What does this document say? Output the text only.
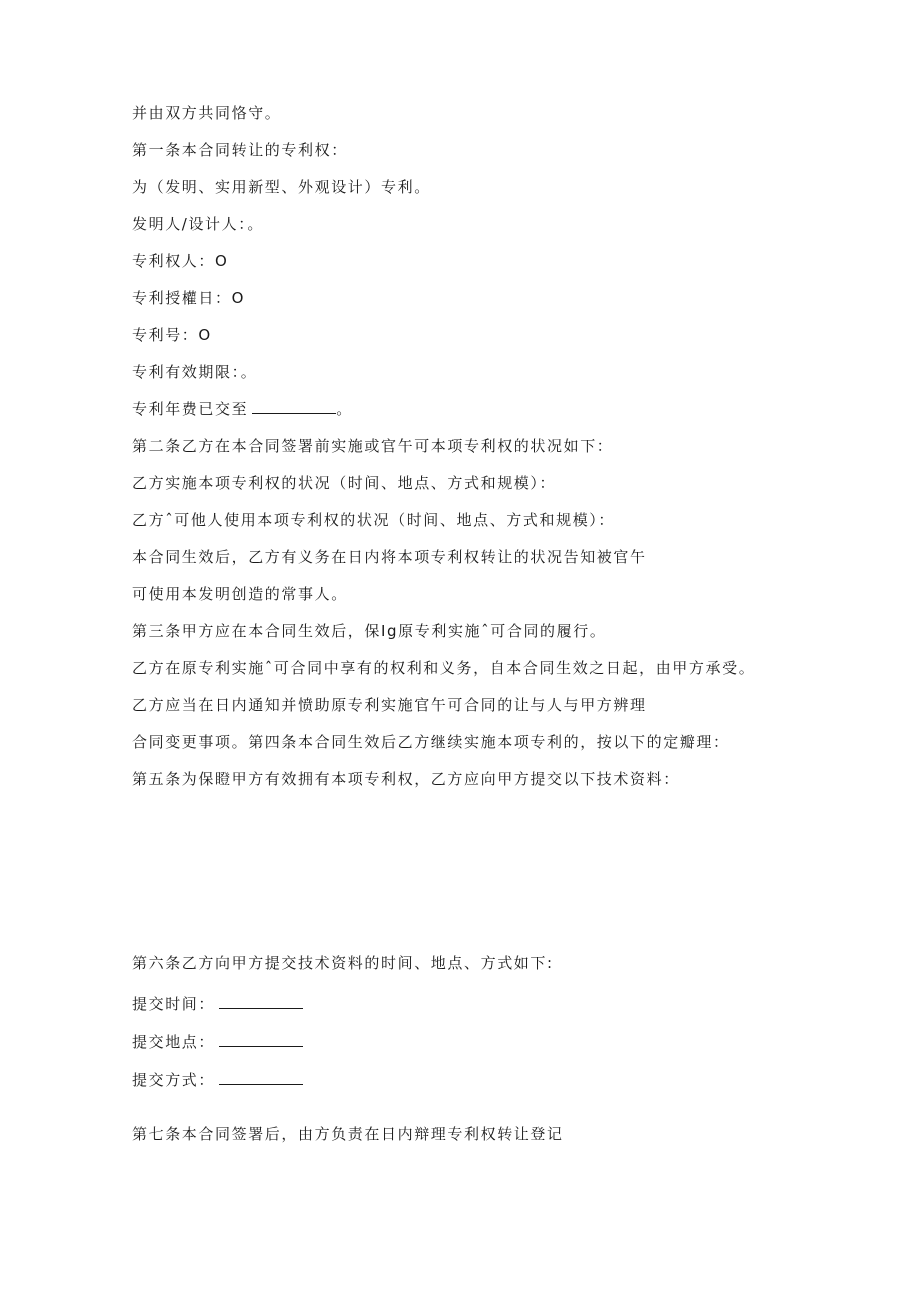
并由双方共同恪守。
第一条本合同转让的专利权：
为（发明、实用新型、外观设计）专利。
发明人/设计人：。
专利权人：O
专利授權日：O
专利号：O
专利有效期限：。
专利年费已交至	。
第二条乙方在本合同签署前实施或官午可本项专利权的状况如下：
乙方实施本项专利权的状况（时间、地点、方式和规模）：
乙方ˆ可他人使用本项专利权的状况（时间、地点、方式和规模）：
本合同生效后，乙方有义务在日内将本项专利权转让的状况告知被官午
可使用本发明创造的常事人。
第三条甲方应在本合同生效后，保Ig原专利实施ˆ可合同的履行。
乙方在原专利实施ˆ可合同中享有的权利和义务，自本合同生效之日起，由甲方承受。
乙方应当在日内通知并愤助原专利实施官午可合同的让与人与甲方辨理
合同变更事项。第四条本合同生效后乙方继续实施本项专利的，按以下的定瓣理：
第五条为保瞪甲方有效拥有本项专利权，乙方应向甲方提交以下技术资料：
第六条乙方向甲方提交技术资料的时间、地点、方式如下:
提交时间：
提交地点：
提交方式：
第七条本合同签署后，由方负责在日内辩理专利权转让登记
